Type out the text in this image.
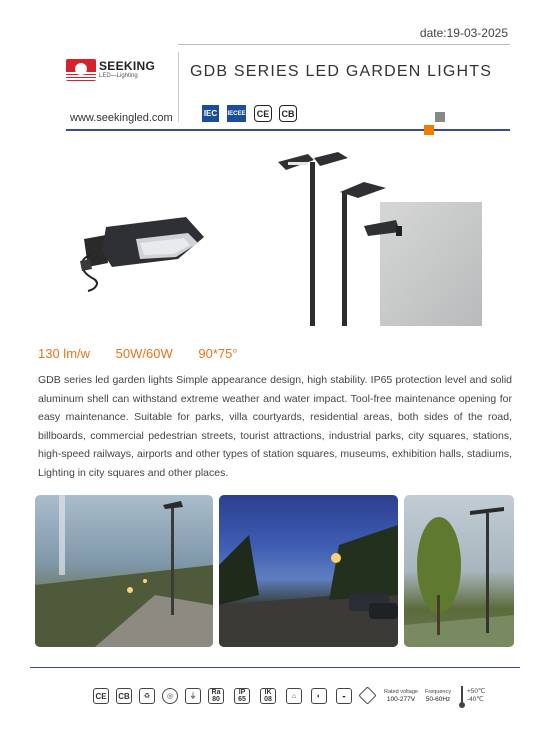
date:19-03-2025
SEEKING
LED—Lighting	GDB SERIES LED GARDEN LIGHTS
www.seekingled.com	IEC	IECEE	CE	CB
130 lm/w 50W/60W 90*75°
GDB series led garden lights Simple appearance design, high stability. IP65 protection level and solid aluminum shell can withstand extreme weather and water impact. Tool-free maintenance opening for easy maintenance. Suitable for parks, villa courtyards, residential areas, both sides of the road, billboards, commercial pedestrian streets, tourist attractions, industrial parks, city squares, stations, high-speed railways, airports and other types of station squares, museums, exhibition halls, stadiums, Lighting in city squares and other places.
CE	CB	♻	◎	⏚	Ra
80
IP
65
IK
08	⌂	◐	◒
Rated voltage
100-277V
Frequency
50-60Hz
+50℃
-40℃
